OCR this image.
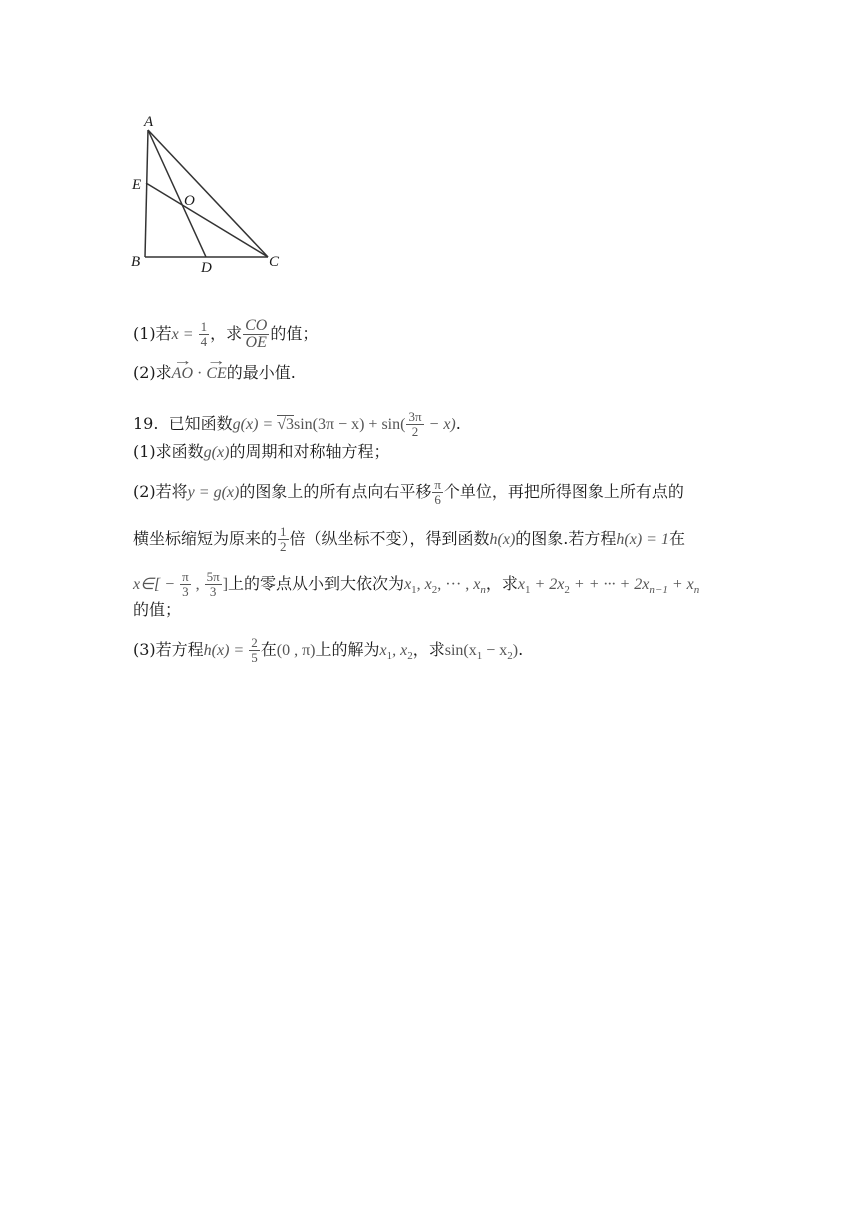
A
E
O
B	D	C
(1)若$x = \frac{1}{4}$ ，求 $\frac{CO}{OE}$ 的值；
(2)求→ AO · → CE的最小值.
19. 已知函数$g(x) = √3\sin(3\pi - x) + \sin( \frac{3\pi}{2} - x)$.
(1)求函数g(x)的周期和对称轴方程；
(2)若将y = g(x)的图象上的所有点向右平移 $\frac{\pi}{6}$ 个单位，再把所得图象上所有点的
横坐标缩短为原来的 $\frac{1}{2}$ 倍（纵坐标不变），得到函数h(x)的图象.若方程h(x) = 1在
x∈[ − $\frac{\pi}{3}$ , $\frac{5\pi}{3}$ ]上的零点从小到大依次为$x_1$, $x_2$, ··· , $x_n$，求$x_1 + 2x_2$ + + ··· + $2x_{n-1} + x_n$
的值；
(3)若方程$h(x) = \frac{2}{5}$ 在(0 , π)上的解为$x_1$, $x_2$，求$\sin(x_1 - x_2)$.
